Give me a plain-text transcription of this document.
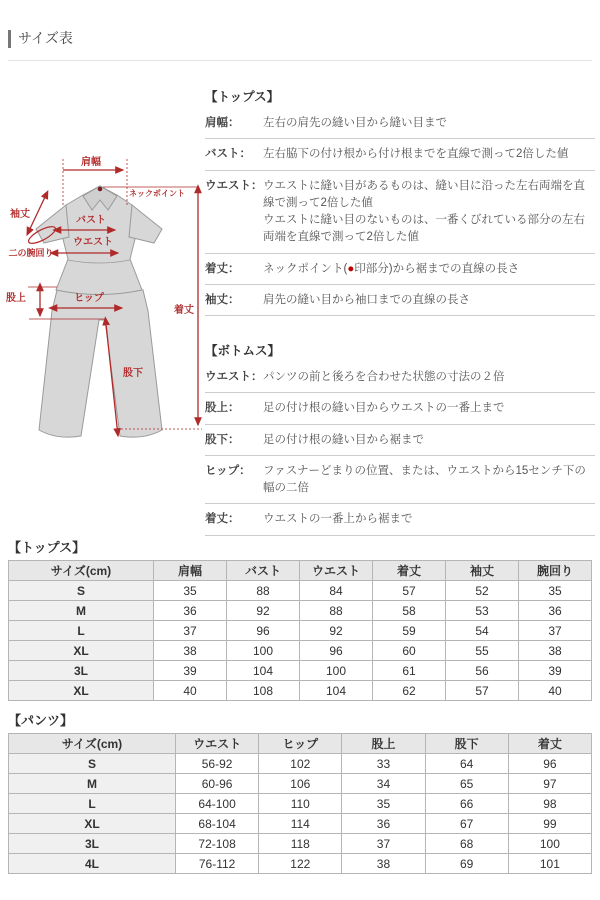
サイズ表
肩幅
ネックポイント
着丈
袖丈
バスト
ウエスト
二の腕回り
股上	ヒップ
股下
【トップス】
肩幅：	左右の肩先の縫い目から縫い目まで
バスト：	左右脇下の付け根から付け根までを直線で測って2倍した値
ウエスト： ウエストに縫い目があるものは、縫い目に沿った左右両端を直線で測って2倍した値
ウエストに縫い目のないものは、一番くびれている部分の左右両端を直線で測って2倍した値
着丈：	ネックポイント(●印部分)から裾までの直線の長さ
袖丈：	肩先の縫い目から袖口までの直線の長さ
【ボトムス】
ウエスト： パンツの前と後ろを合わせた状態の寸法の２倍
股上：	足の付け根の縫い目からウエストの一番上まで
股下：	足の付け根の縫い目から裾まで
ヒップ：	ファスナーどまりの位置、または、ウエストから15センチ下の幅の二倍
着丈：	ウエストの一番上から裾まで
【トップス】
サイズ(cm)	肩幅	バスト	ウエスト	着丈	袖丈	腕回り
S	35	88	84	57	52	35
M	36	92	88	58	53	36
L	37	96	92	59	54	37
XL	38	100	96	60	55	38
3L	39	104	100	61	56	39
XL	40	108	104	62	57	40
【パンツ】
サイズ(cm)	ウエスト	ヒップ	股上	股下	着丈
S	56-92	102	33	64	96
M	60-96	106	34	65	97
L	64-100	110	35	66	98
XL	68-104	114	36	67	99
3L	72-108	118	37	68	100
4L	76-112	122	38	69	101
